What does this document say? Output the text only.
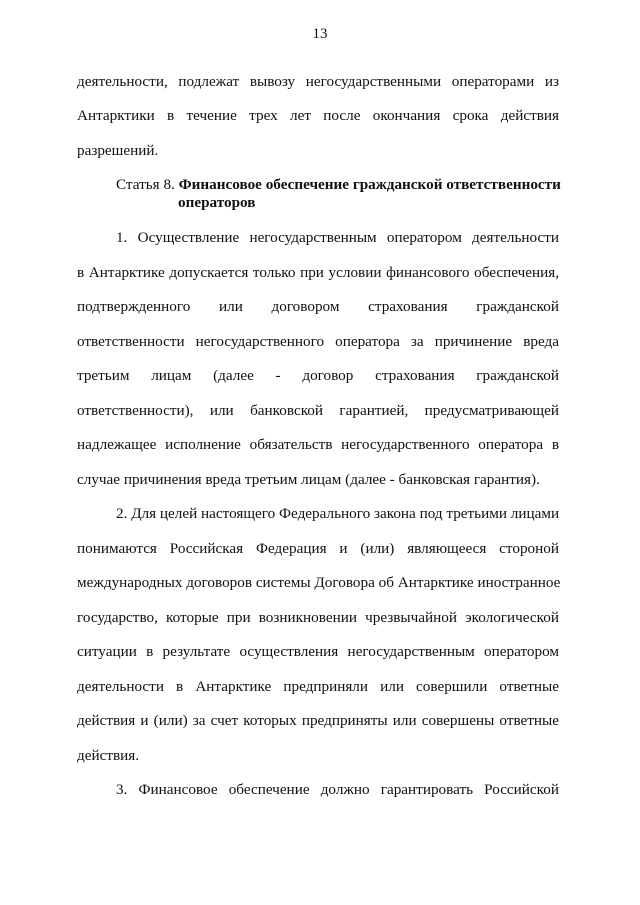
13
деятельности, подлежат вывозу негосударственными операторами из
Антарктики в течение трех лет после окончания срока действия
разрешений.
Статья 8. Финансовое обеспечение гражданской ответственности
операторов
1. Осуществление негосударственным оператором деятельности
в Антарктике допускается только при условии финансового обеспечения,
подтвержденного или договором страхования гражданской
ответственности негосударственного оператора за причинение вреда
третьим лицам (далее - договор страхования гражданской
ответственности), или банковской гарантией, предусматривающей
надлежащее исполнение обязательств негосударственного оператора в
случае причинения вреда третьим лицам (далее - банковская гарантия).
2. Для целей настоящего Федерального закона под третьими лицами
понимаются Российская Федерация и (или) являющееся стороной
международных договоров системы Договора об Антарктике иностранное
государство, которые при возникновении чрезвычайной экологической
ситуации в результате осуществления негосударственным оператором
деятельности в Антарктике предприняли или совершили ответные
действия и (или) за счет которых предприняты или совершены ответные
действия.
3. Финансовое обеспечение должно гарантировать Российской
